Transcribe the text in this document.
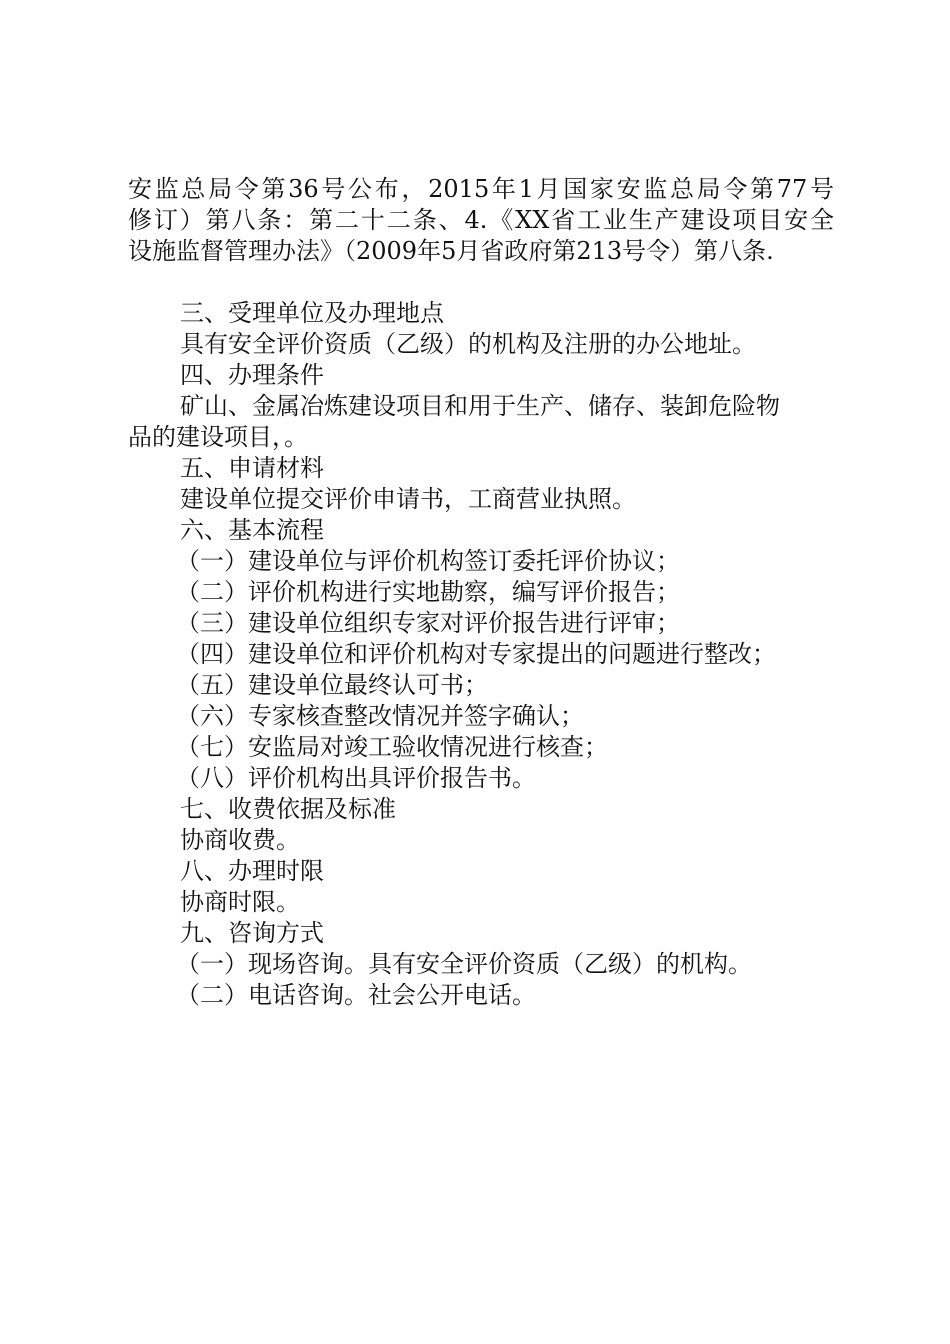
安监总局令第36号公布，2015年1月国家安监总局令第77号
修订）第八条：第二十二条、4.《XX省工业生产建设项目安全
设施监督管理办法》（2009年5月省政府第213号令）第八条.
三、受理单位及办理地点
具有安全评价资质（乙级）的机构及注册的办公地址。
四、办理条件
矿山、金属冶炼建设项目和用于生产、储存、装卸危险物
品的建设项目，。
五、申请材料
建设单位提交评价申请书，工商营业执照。
六、基本流程
（一）建设单位与评价机构签订委托评价协议；
（二）评价机构进行实地勘察，编写评价报告；
（三）建设单位组织专家对评价报告进行评审；
（四）建设单位和评价机构对专家提出的问题进行整改；
（五）建设单位最终认可书；
（六）专家核查整改情况并签字确认；
（七）安监局对竣工验收情况进行核查；
（八）评价机构出具评价报告书。
七、收费依据及标准
协商收费。
八、办理时限
协商时限。
九、咨询方式
（一）现场咨询。具有安全评价资质（乙级）的机构。
（二）电话咨询。社会公开电话。
